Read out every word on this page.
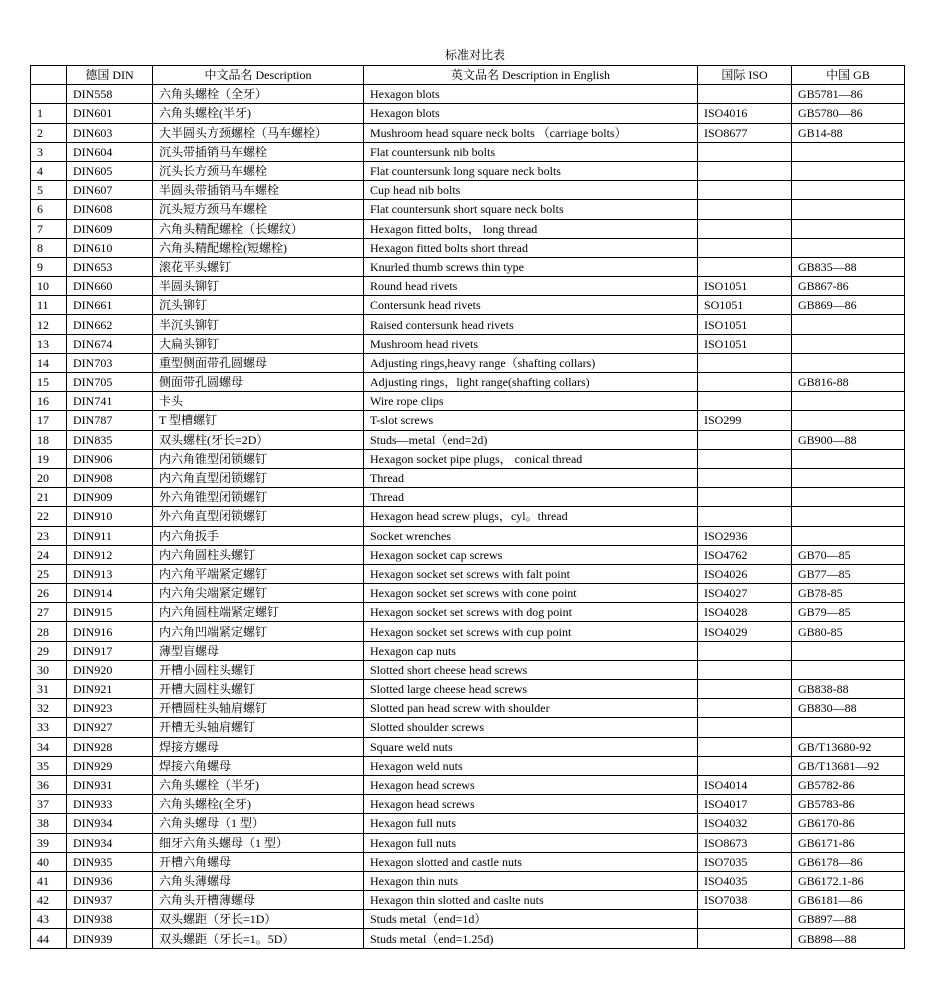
标准对比表
	德国 DIN	中文品名 Description	英文品名 Description in English	国际 ISO	中国 GB
	DIN558	六角头螺栓（全牙）	Hexagon blots		GB5781—86
1	DIN601	六角头螺栓(半牙)	Hexagon blots	ISO4016	GB5780—86
2	DIN603	大半圆头方颈螺栓（马车螺栓）	Mushroom head square neck bolts （carriage bolts）	ISO8677	GB14-88
3	DIN604	沉头带插销马车螺栓	Flat countersunk nib bolts		
4	DIN605	沉头长方颈马车螺栓	Flat countersunk long square neck bolts		
5	DIN607	半圆头带插销马车螺栓	Cup head nib bolts		
6	DIN608	沉头短方颈马车螺栓	Flat countersunk short square neck bolts		
7	DIN609	六角头精配螺栓（长螺纹）	Hexagon fitted bolts， long thread		
8	DIN610	六角头精配螺栓(短螺栓)	Hexagon fitted bolts short thread		
9	DIN653	滚花平头螺钉	Knurled thumb screws thin type		GB835—88
10	DIN660	半圆头铆钉	Round head rivets	ISO1051	GB867-86
11	DIN661	沉头铆钉	Contersunk head rivets	SO1051	GB869—86
12	DIN662	半沉头铆钉	Raised contersunk head rivets	ISO1051	
13	DIN674	大扁头铆钉	Mushroom head rivets	ISO1051	
14	DIN703	重型侧面带孔圆螺母	Adjusting rings,heavy range（shafting collars)		
15	DIN705	侧面带孔圆螺母	Adjusting rings，light range(shafting collars)		GB816-88
16	DIN741	卡头	Wire rope clips		
17	DIN787	T 型槽螺钉	T-slot screws	ISO299	
18	DIN835	双头螺柱(牙长=2D）	Studs—metal（end=2d)		GB900—88
19	DIN906	内六角锥型闭锁螺钉	Hexagon socket pipe plugs， conical thread		
20	DIN908	内六角直型闭锁螺钉	Thread		
21	DIN909	外六角锥型闭锁螺钉	Thread		
22	DIN910	外六角直型闭锁螺钉	Hexagon head screw plugs，cyl。thread		
23	DIN911	内六角扳手	Socket wrenches	ISO2936	
24	DIN912	内六角圆柱头螺钉	Hexagon socket cap screws	ISO4762	GB70—85
25	DIN913	内六角平端紧定螺钉	Hexagon socket set screws with falt point	ISO4026	GB77—85
26	DIN914	内六角尖端紧定螺钉	Hexagon socket set screws with cone point	ISO4027	GB78-85
27	DIN915	内六角圆柱端紧定螺钉	Hexagon socket set screws with dog point	ISO4028	GB79—85
28	DIN916	内六角凹端紧定螺钉	Hexagon socket set screws with cup point	ISO4029	GB80-85
29	DIN917	薄型盲螺母	Hexagon cap nuts		
30	DIN920	开槽小圆柱头螺钉	Slotted short cheese head screws		
31	DIN921	开槽大圆柱头螺钉	Slotted large cheese head screws		GB838-88
32	DIN923	开槽圆柱头轴肩螺钉	Slotted pan head screw with shoulder		GB830—88
33	DIN927	开槽无头轴肩螺钉	Slotted shoulder screws		
34	DIN928	焊接方螺母	Square weld nuts		GB/T13680-92
35	DIN929	焊接六角螺母	Hexagon weld nuts		GB/T13681—92
36	DIN931	六角头螺栓（半牙)	Hexagon head screws	ISO4014	GB5782-86
37	DIN933	六角头螺栓(全牙)	Hexagon head screws	ISO4017	GB5783-86
38	DIN934	六角头螺母（1 型）	Hexagon full nuts	ISO4032	GB6170-86
39	DIN934	细牙六角头螺母（1 型）	Hexagon full nuts	ISO8673	GB6171-86
40	DIN935	开槽六角螺母	Hexagon slotted and castle nuts	ISO7035	GB6178—86
41	DIN936	六角头薄螺母	Hexagon thin nuts	ISO4035	GB6172.1-86
42	DIN937	六角头开槽薄螺母	Hexagon thin slotted and caslte nuts	ISO7038	GB6181—86
43	DIN938	双头螺距（牙长=1D）	Studs metal（end=1d）		GB897—88
44	DIN939	双头螺距（牙长=1。5D）	Studs metal（end=1.25d)		GB898—88
